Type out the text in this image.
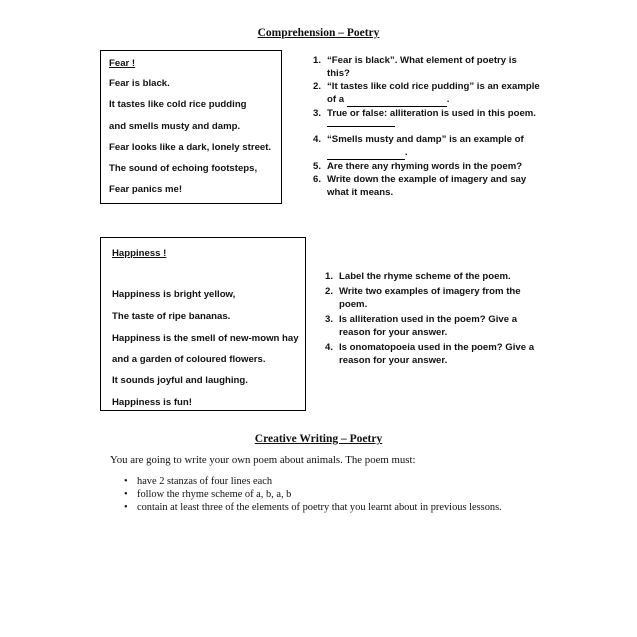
Comprehension – Poetry
Fear !
Fear is black.
It tastes like cold rice pudding
and smells musty and damp.
Fear looks like a dark, lonely street.
The sound of echoing footsteps,
Fear panics me!
1. “Fear is black”. What element of poetry is this?
2. “It tastes like cold rice pudding” is an example of a	.
3. True or false: alliteration is used in this poem.
4. “Smells musty and damp” is an example of
.
5. Are there any rhyming words in the poem?
6. Write down the example of imagery and say what it means.
Happiness !
Happiness is bright yellow,
The taste of ripe bananas.
Happiness is the smell of new-mown hay
and a garden of coloured flowers.
It sounds joyful and laughing.
Happiness is fun!
1. Label the rhyme scheme of the poem.
2. Write two examples of imagery from the poem.
3. Is alliteration used in the poem? Give a reason for your answer.
4. Is onomatopoeia used in the poem? Give a reason for your answer.
Creative Writing – Poetry
You are going to write your own poem about animals. The poem must:
• have 2 stanzas of four lines each
• follow the rhyme scheme of a, b, a, b
• contain at least three of the elements of poetry that you learnt about in previous lessons.
